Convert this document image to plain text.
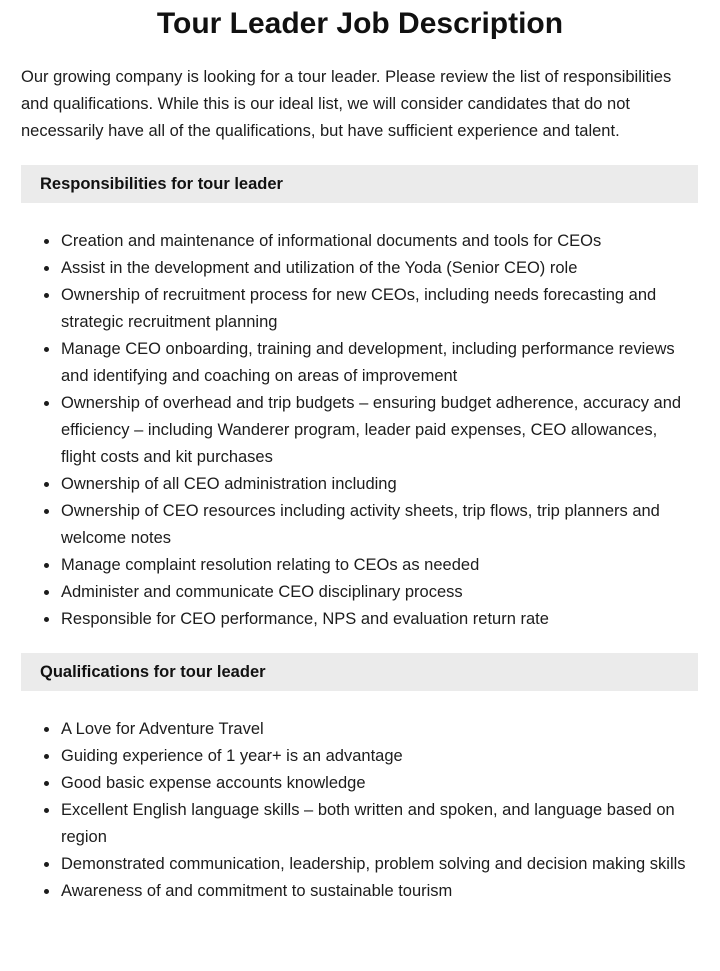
Tour Leader Job Description

Our growing company is looking for a tour leader. Please review the list of responsibilities and qualifications. While this is our ideal list, we will consider candidates that do not necessarily have all of the qualifications, but have sufficient experience and talent.

Responsibilities for tour leader
Creation and maintenance of informational documents and tools for CEOs
Assist in the development and utilization of the Yoda (Senior CEO) role
Ownership of recruitment process for new CEOs, including needs forecasting and strategic recruitment planning
Manage CEO onboarding, training and development, including performance reviews and identifying and coaching on areas of improvement
Ownership of overhead and trip budgets – ensuring budget adherence, accuracy and efficiency – including Wanderer program, leader paid expenses, CEO allowances, flight costs and kit purchases
Ownership of all CEO administration including
Ownership of CEO resources including activity sheets, trip flows, trip planners and welcome notes
Manage complaint resolution relating to CEOs as needed
Administer and communicate CEO disciplinary process
Responsible for CEO performance, NPS and evaluation return rate
Qualifications for tour leader
A Love for Adventure Travel
Guiding experience of 1 year+ is an advantage
Good basic expense accounts knowledge
Excellent English language skills – both written and spoken, and language based on region
Demonstrated communication, leadership, problem solving and decision making skills
Awareness of and commitment to sustainable tourism
